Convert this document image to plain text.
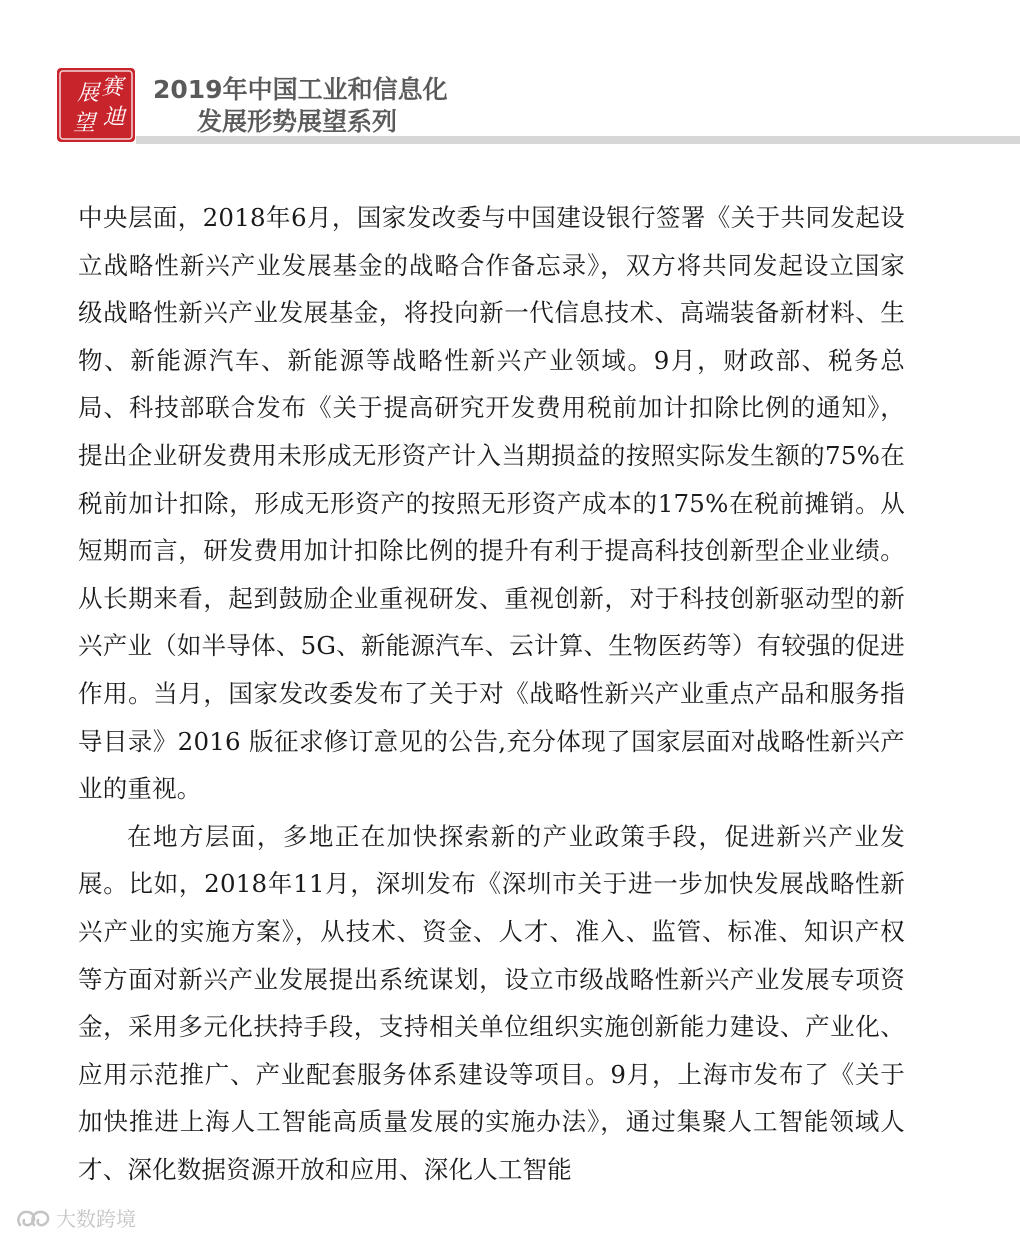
展 赛
望 迪
2019年中国工业和信息化
发展形势展望系列

中央层面，2018年6月，国家发改委与中国建设银行签署《关于共同发起设立战略性新兴产业发展基金的战略合作备忘录》，双方将共同发起设立国家级战略性新兴产业发展基金，将投向新一代信息技术、高端装备新材料、生物、新能源汽车、新能源等战略性新兴产业领域。9月，财政部、税务总局、科技部联合发布《关于提高研究开发费用税前加计扣除比例的通知》，提出企业研发费用未形成无形资产计入当期损益的按照实际发生额的75%在税前加计扣除，形成无形资产的按照无形资产成本的175%在税前摊销。从短期而言，研发费用加计扣除比例的提升有利于提高科技创新型企业业绩。从长期来看，起到鼓励企业重视研发、重视创新，对于科技创新驱动型的新兴产业（如半导体、5G、新能源汽车、云计算、生物医药等）有较强的促进作用。当月，国家发改委发布了关于对《战略性新兴产业重点产品和服务指导目录》2016 版征求修订意见的公告,充分体现了国家层面对战略性新兴产业的重视。

在地方层面，多地正在加快探索新的产业政策手段，促进新兴产业发展。比如，2018年11月，深圳发布《深圳市关于进一步加快发展战略性新兴产业的实施方案》，从技术、资金、人才、准入、监管、标准、知识产权等方面对新兴产业发展提出系统谋划，设立市级战略性新兴产业发展专项资金，采用多元化扶持手段，支持相关单位组织实施创新能力建设、产业化、应用示范推广、产业配套服务体系建设等项目。9月，上海市发布了《关于加快推进上海人工智能高质量发展的实施办法》，通过集聚人工智能领域人才、深化数据资源开放和应用、深化人工智能

大数跨境
